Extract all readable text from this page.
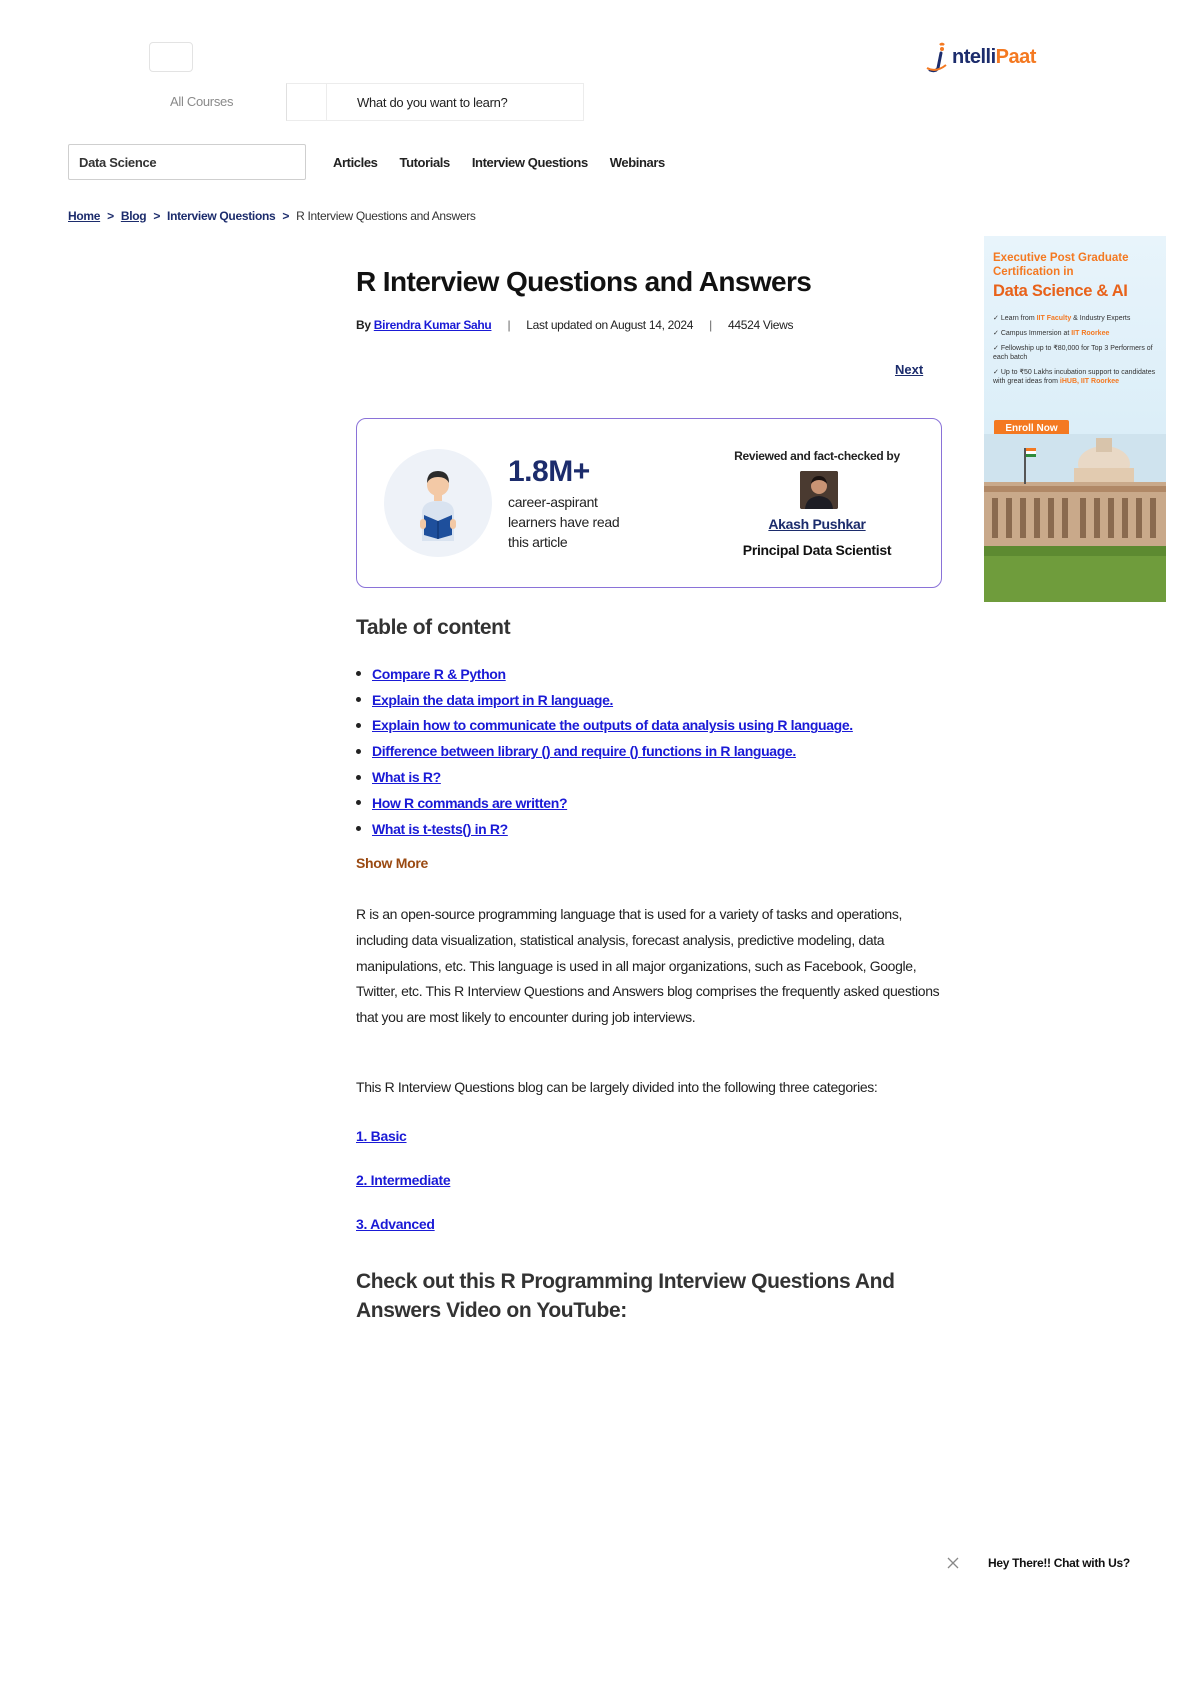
ntelliPaat
All Courses
What do you want to learn?
Data Science	Articles Tutorials Interview Questions Webinars
Home > Blog > Interview Questions > R Interview Questions and Answers
R Interview Questions and Answers
By Birendra Kumar Sahu	|	Last updated on August 14, 2024	|	44524 Views
Next
1.8M+
career-aspirant learners have read this article
Reviewed and fact-checked by
Akash Pushkar
Principal Data Scientist
Executive Post Graduate Certification in
Data Science & AI
✓ Learn from IIT Faculty & Industry Experts
✓ Campus Immersion at IIT Roorkee
✓ Fellowship up to ₹80,000 for Top 3 Performers of each batch
✓ Up to ₹50 Lakhs incubation support to candidates with great ideas from iHUB, IIT Roorkee
Enroll Now
Table of content
Compare R & Python
Explain the data import in R language.
Explain how to communicate the outputs of data analysis using R language.
Difference between library () and require () functions in R language.
What is R?
How R commands are written?
What is t-tests() in R?
Show More

R is an open-source programming language that is used for a variety of tasks and operations, including data visualization, statistical analysis, forecast analysis, predictive modeling, data manipulations, etc. This language is used in all major organizations, such as Facebook, Google, Twitter, etc. This R Interview Questions and Answers blog comprises the frequently asked questions that you are most likely to encounter during job interviews.

This R Interview Questions blog can be largely divided into the following three categories:

1. Basic
2. Intermediate
3. Advanced
Check out this R Programming Interview Questions And Answers Video on YouTube:
Hey There!! Chat with Us?
